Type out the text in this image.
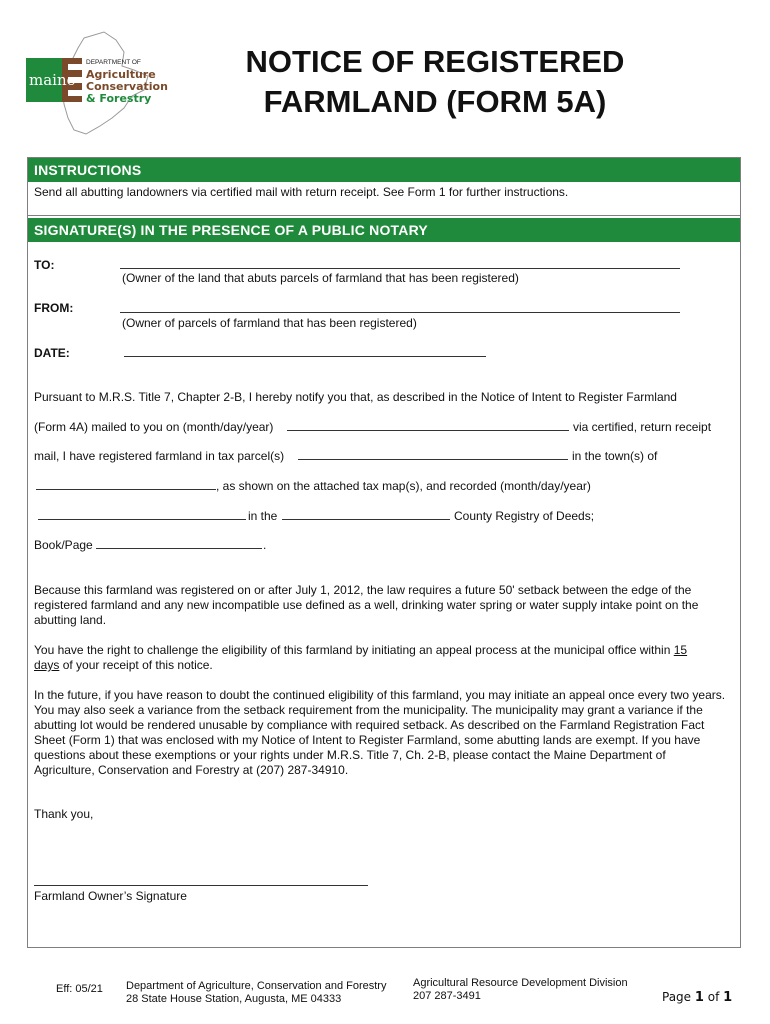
maine
DEPARTMENT OF
Agriculture
Conservation
& Forestry
NOTICE OF REGISTERED
FARMLAND (FORM 5A)
INSTRUCTIONS
Send all abutting landowners via certified mail with return receipt. See Form 1 for further instructions.
SIGNATURE(S) IN THE PRESENCE OF A PUBLIC NOTARY
TO:
(Owner of the land that abuts parcels of farmland that has been registered)
FROM:
(Owner of parcels of farmland that has been registered)
DATE:
Pursuant to M.R.S. Title 7, Chapter 2-B, I hereby notify you that, as described in the Notice of Intent to Register Farmland
(Form 4A) mailed to you on (month/day/year)	via certified, return receipt
mail, I have registered farmland in tax parcel(s)	in the town(s) of
, as shown on the attached tax map(s), and recorded (month/day/year)
in the	County Registry of Deeds;
Book/Page	.
Because this farmland was registered on or after July 1, 2012, the law requires a future 50' setback between the edge of the registered farmland and any new incompatible use defined as a well, drinking water spring or water supply intake point on the abutting land.
You have the right to challenge the eligibility of this farmland by initiating an appeal process at the municipal office within 15
days of your receipt of this notice.
In the future, if you have reason to doubt the continued eligibility of this farmland, you may initiate an appeal once every two years. You may also seek a variance from the setback requirement from the municipality. The municipality may grant a variance if the abutting lot would be rendered unusable by compliance with required setback. As described on the Farmland Registration Fact Sheet (Form 1) that was enclosed with my Notice of Intent to Register Farmland, some abutting lands are exempt. If you have questions about these exemptions or your rights under M.R.S. Title 7, Ch. 2-B, please contact the Maine Department of Agriculture, Conservation and Forestry at (207) 287-34910.
Thank you,
Farmland Owner’s Signature
Eff: 05/21 Department of Agriculture, Conservation and Forestry
28 State House Station, Augusta, ME 04333
Agricultural Resource Development Division
207 287-3491	Page 1 of 1
